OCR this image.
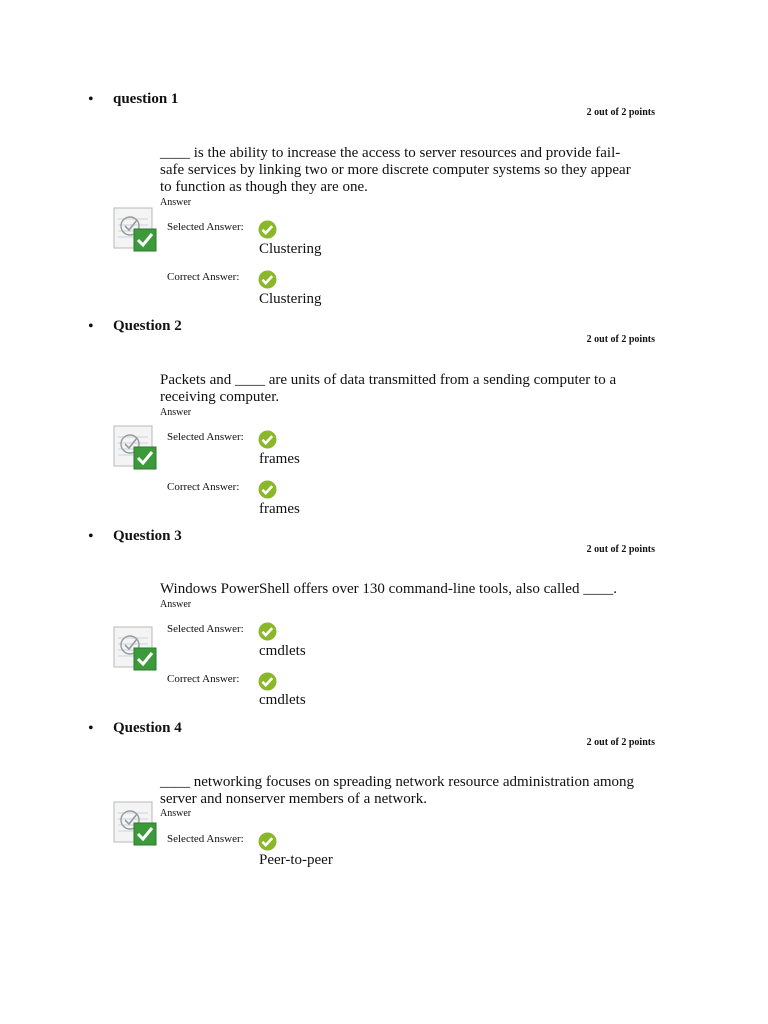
• question 1
2 out of 2 points
____ is the ability to increase the access to server resources and provide fail-safe services by linking two or more discrete computer systems so they appear to function as though they are one.
Answer
Selected Answer:
Clustering
Correct Answer:
Clustering
• Question 2
2 out of 2 points
Packets and ____ are units of data transmitted from a sending computer to a receiving computer.
Answer
Selected Answer:
frames
Correct Answer:
frames
• Question 3
2 out of 2 points
Windows PowerShell offers over 130 command-line tools, also called ____.
Answer
Selected Answer:
cmdlets
Correct Answer:
cmdlets
• Question 4
2 out of 2 points
____ networking focuses on spreading network resource administration among server and nonserver members of a network.
Answer
Selected Answer:
Peer-to-peer
